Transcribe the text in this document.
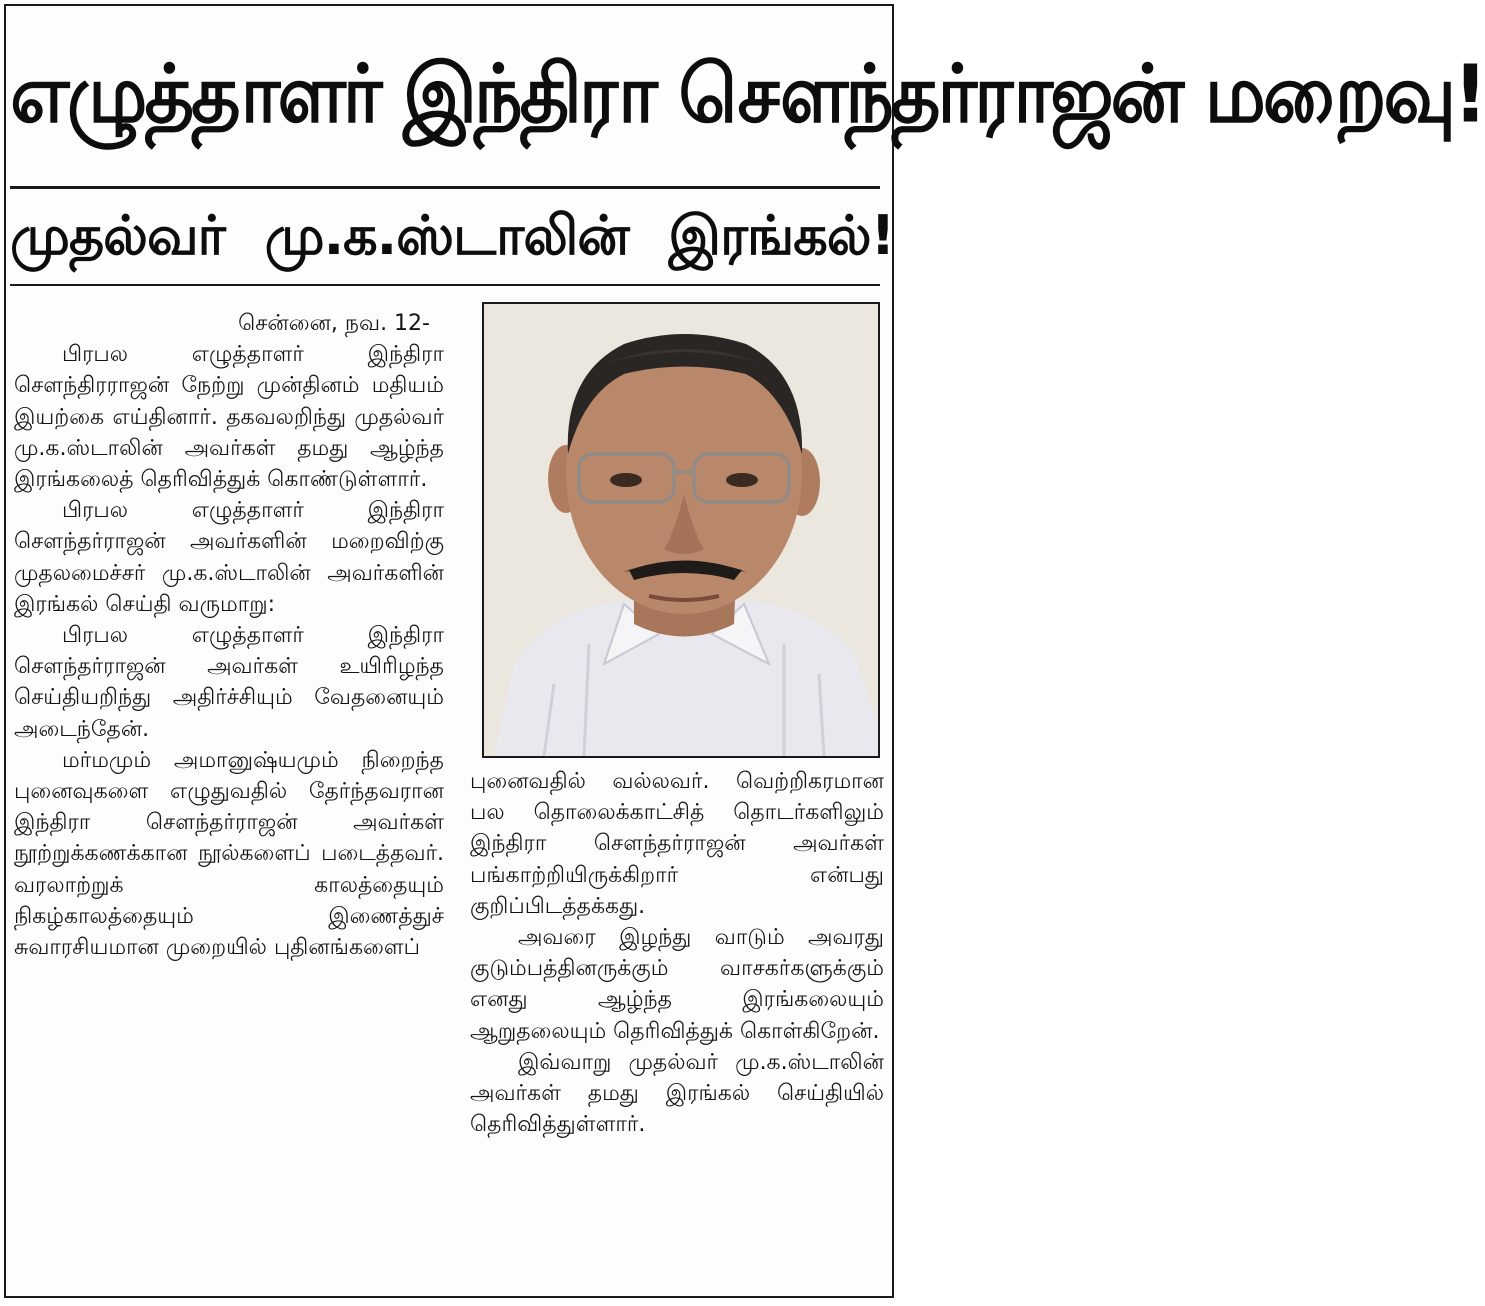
எழுத்தாளர் இந்திரா சௌந்தர்ராஜன் மறைவு!
முதல்வர் மு.க.ஸ்டாலின் இரங்கல்!

சென்னை, நவ. 12-

பிரபல எழுத்தாளர் இந்திரா சௌந்திரராஜன் நேற்று முன்தினம் மதியம் இயற்கை எய்தினார். தகவலறிந்து முதல்வர் மு.க.ஸ்டாலின் அவர்கள் தமது ஆழ்ந்த இரங்கலைத் தெரிவித்துக் கொண்டுள்ளார்.

பிரபல எழுத்தாளர் இந்திரா சௌந்தர்ராஜன் அவர்களின் மறைவிற்கு முதலமைச்சர் மு.க.ஸ்டாலின் அவர்களின் இரங்கல் செய்தி வருமாறு:

பிரபல எழுத்தாளர் இந்திரா சௌந்தர்ராஜன் அவர்கள் உயிரிழந்த செய்தியறிந்து அதிர்ச்சியும் வேதனையும் அடைந்தேன்.

மர்மமும் அமானுஷ்யமும் நிறைந்த புனைவுகளை எழுதுவதில் தேர்ந்தவரான இந்திரா சௌந்தர்ராஜன் அவர்கள் நூற்றுக்கணக்கான நூல்களைப் படைத்தவர். வரலாற்றுக் காலத்தையும் நிகழ்காலத்தையும் இணைத்துச் சுவாரசியமான முறையில் புதினங்களைப்

புனைவதில் வல்லவர். வெற்றிகரமான பல தொலைக்காட்சித் தொடர்களிலும் இந்திரா சௌந்தர்ராஜன் அவர்கள் பங்காற்றியிருக்கிறார் என்பது குறிப்பிடத்தக்கது.

அவரை இழந்து வாடும் அவரது குடும்பத்தினருக்கும் வாசகர்களுக்கும் எனது ஆழ்ந்த இரங்கலையும் ஆறுதலையும் தெரிவித்துக் கொள்கிறேன்.

இவ்வாறு முதல்வர் மு.க.ஸ்டாலின் அவர்கள் தமது இரங்கல் செய்தியில் தெரிவித்துள்ளார்.
